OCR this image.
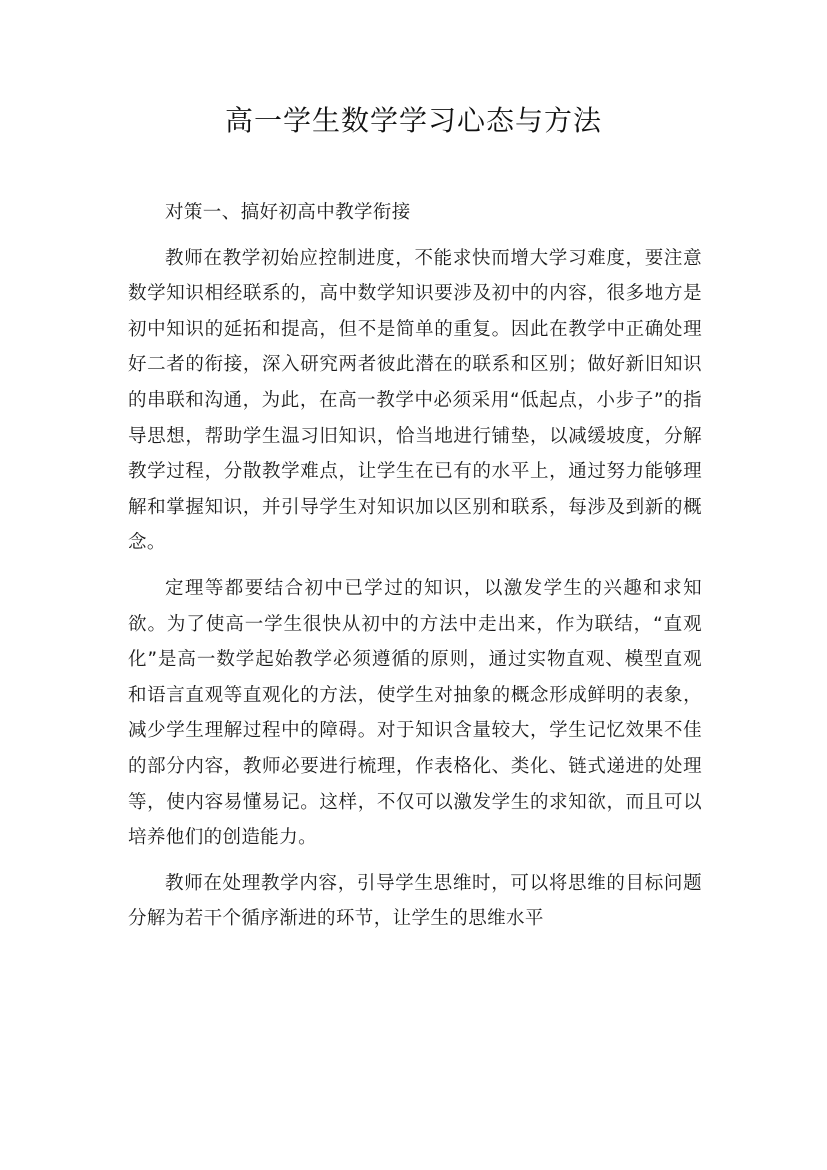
高一学生数学学习心态与方法

对策一、搞好初高中教学衔接

教师在教学初始应控制进度，不能求快而增大学习难度，要注意数学知识相经联系的，高中数学知识要涉及初中的内容，很多地方是初中知识的延拓和提高，但不是简单的重复。因此在教学中正确处理好二者的衔接，深入研究两者彼此潜在的联系和区别；做好新旧知识的串联和沟通，为此，在高一教学中必须采用“低起点，小步子”的指导思想，帮助学生温习旧知识，恰当地进行铺垫，以减缓坡度，分解教学过程，分散教学难点，让学生在已有的水平上，通过努力能够理解和掌握知识，并引导学生对知识加以区别和联系，每涉及到新的概念。

定理等都要结合初中已学过的知识，以激发学生的兴趣和求知欲。为了使高一学生很快从初中的方法中走出来，作为联结，“直观化”是高一数学起始教学必须遵循的原则，通过实物直观、模型直观和语言直观等直观化的方法，使学生对抽象的概念形成鲜明的表象，减少学生理解过程中的障碍。对于知识含量较大，学生记忆效果不佳的部分内容，教师必要进行梳理，作表格化、类化、链式递进的处理等，使内容易懂易记。这样，不仅可以激发学生的求知欲，而且可以培养他们的创造能力。

教师在处理教学内容，引导学生思维时，可以将思维的目标问题分解为若干个循序渐进的环节，让学生的思维水平
